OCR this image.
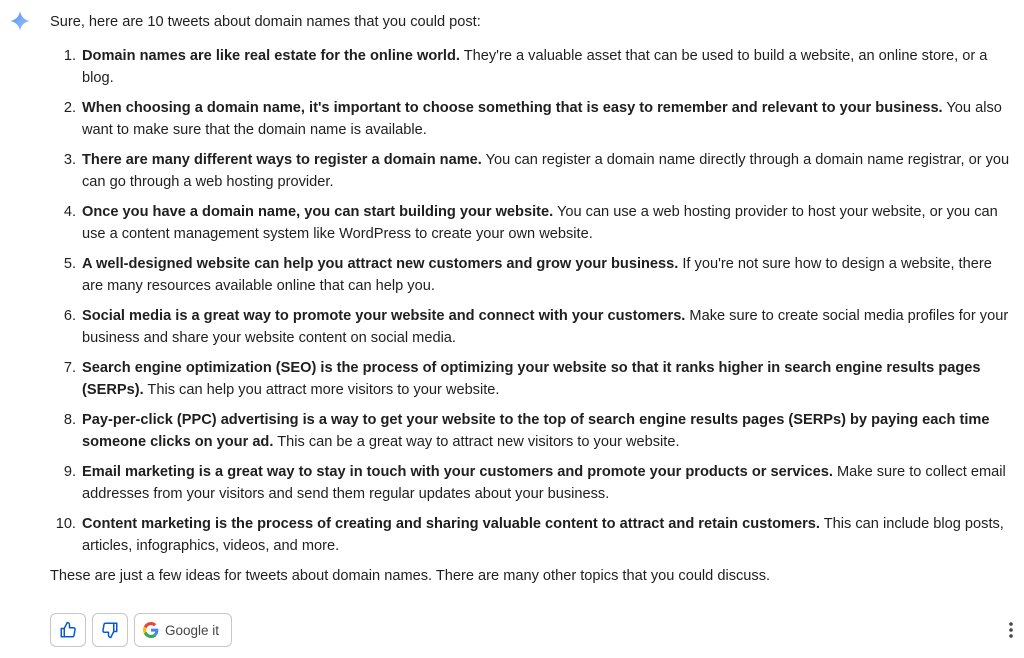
Sure, here are 10 tweets about domain names that you could post:

1. Domain names are like real estate for the online world. They're a valuable asset that can be used to build a website, an online store, or a blog.
2. When choosing a domain name, it's important to choose something that is easy to remember and relevant to your business. You also want to make sure that the domain name is available.
3. There are many different ways to register a domain name. You can register a domain name directly through a domain name registrar, or you can go through a web hosting provider.
4. Once you have a domain name, you can start building your website. You can use a web hosting provider to host your website, or you can use a content management system like WordPress to create your own website.
5. A well-designed website can help you attract new customers and grow your business. If you're not sure how to design a website, there are many resources available online that can help you.
6. Social media is a great way to promote your website and connect with your customers. Make sure to create social media profiles for your business and share your website content on social media.
7. Search engine optimization (SEO) is the process of optimizing your website so that it ranks higher in search engine results pages (SERPs). This can help you attract more visitors to your website.
8. Pay-per-click (PPC) advertising is a way to get your website to the top of search engine results pages (SERPs) by paying each time someone clicks on your ad. This can be a great way to attract new visitors to your website.
9. Email marketing is a great way to stay in touch with your customers and promote your products or services. Make sure to collect email addresses from your visitors and send them regular updates about your business.
10. Content marketing is the process of creating and sharing valuable content to attract and retain customers. This can include blog posts, articles, infographics, videos, and more.

These are just a few ideas for tweets about domain names. There are many other topics that you could discuss.

Google it
